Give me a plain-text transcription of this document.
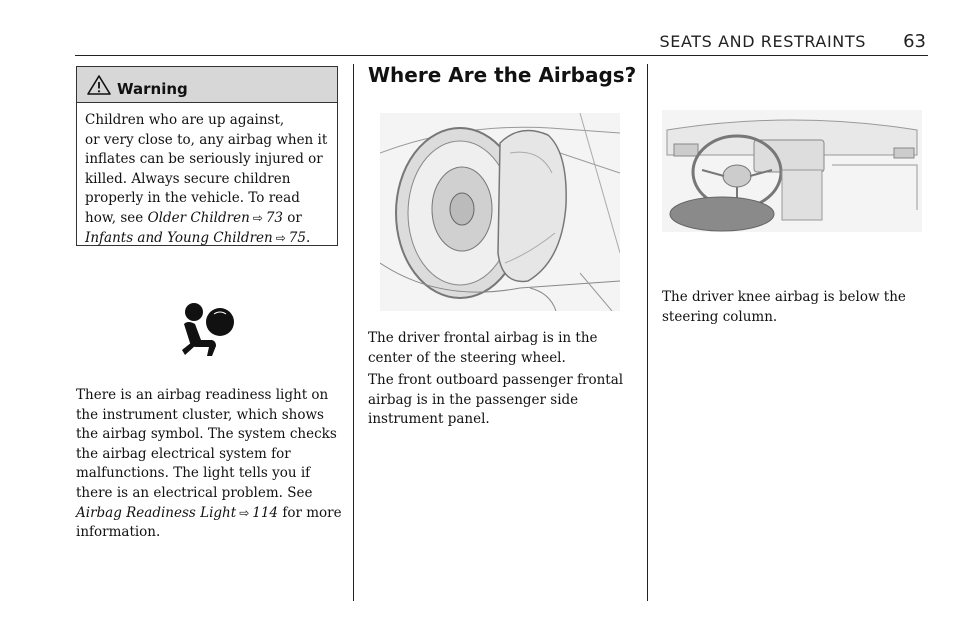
SEATS AND RESTRAINTS 63
Warning
Children who are up against,
or very close to, any airbag when it
inflates can be seriously injured or
killed. Always secure children
properly in the vehicle. To read
how, see Older Children ⇨ 73 or
Infants and Young Children ⇨ 75.
There is an airbag readiness light on
the instrument cluster, which shows
the airbag symbol. The system checks
the airbag electrical system for
malfunctions. The light tells you if
there is an electrical problem. See
Airbag Readiness Light ⇨ 114 for more
information.
Where Are the Airbags?
The driver frontal airbag is in the
center of the steering wheel.
The front outboard passenger frontal
airbag is in the passenger side
instrument panel.
The driver knee airbag is below the
steering column.
